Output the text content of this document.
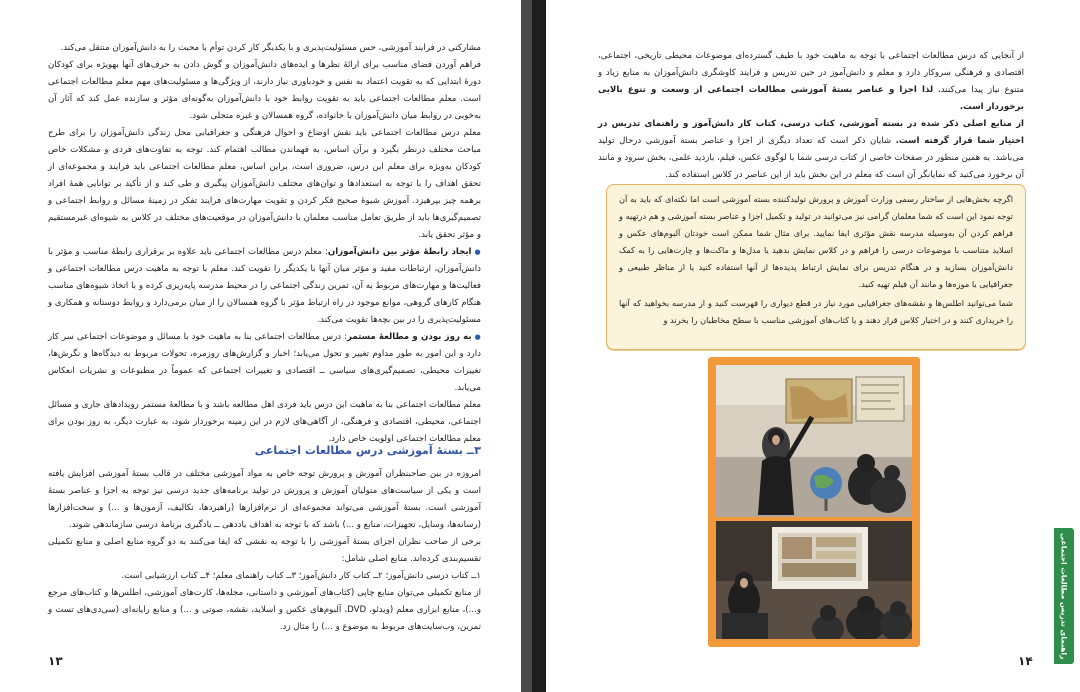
مشارکتی در فرایند آموزشی، حس مسئولیت‌پذیری و با یکدیگر کار کردن توأم با محبت را به دانش‌آموزان منتقل می‌کند.

فراهم آوردن فضای مناسب برای ارائهٔ نظرها و ایده‌های دانش‌آموزان و گوش دادن به حرف‌های آنها بهویژه برای کودکان دورهٔ ابتدایی که به تقویت اعتماد به نفس و خودباوری نیاز دارند، از ویژگی‌ها و مسئولیت‌های مهم معلم مطالعات اجتماعی است. معلم مطالعات اجتماعی باید به تقویت روابط خود با دانش‌آموزان به‌گونه‌ای مؤثر و سازنده عمل کند که آثار آن به‌خوبی در روابط میان دانش‌آموزان با خانواده، گروه همسالان و غیره متجلی شود.

معلم درس مطالعات اجتماعی باید نقش اوضاع و احوال فرهنگی و جغرافیایی محل زندگی دانش‌آموزان را برای طرح مباحث مختلف درنظر بگیرد و برآن اساس، به فهماندن مطالب اهتمام کند. توجه به تفاوت‌های فردی و مشکلات خاص کودکان به‌ویژه برای معلم این درس، ضروری است، براین اساس، معلم مطالعات اجتماعی باید فرایند و مجموعه‌ای از تحقق اهداف را با توجه به استعدادها و توان‌های مختلف دانش‌آموزان پیگیری و طی کند و از تأکید بر توانایی همهٔ افراد برهمه چیز بپرهیزد. آموزش شیوهٔ صحیح فکر کردن و تقویت مهارت‌های فرایند تفکر در زمینهٔ مسائل و روابط اجتماعی و تصمیم‌گیری‌ها باید از طریق تعامل مناسب معلمان با دانش‌آموزان در موقعیت‌های مختلف در کلاس به شیوه‌ای غیرمستقیم و مؤثر تحقق یابد.

● ایجاد رابطهٔ مؤثر بین دانش‌آموزان: معلم درس مطالعات اجتماعی باید علاوه بر برقراری رابطهٔ مناسب و مؤثر با دانش‌آموزان، ارتباطات مفید و مؤثر میان آنها با یکدیگر را تقویت کند. معلم با توجه به ماهیت درس مطالعات اجتماعی و فعالیت‌ها و مهارت‌های مربوط به آن، تمرین زندگی اجتماعی را در محیط مدرسه پایه‌ریزی کرده و با اتخاذ شیوه‌های مناسب هنگام کارهای گروهی، موانع موجود در راه ارتباط مؤثر با گروه همسالان را از میان برمی‌دارد و روابط دوستانه و همکاری و مسئولیت‌پذیری را در بین بچه‌ها تقویت می‌کند.

● به روز بودن و مطالعهٔ مستمر: درس مطالعات اجتماعی بنا به ماهیت خود با مسائل و موضوعات اجتماعی سر کار دارد و این امور به طور مداوم تغییر و تحول می‌یابد؛ اخبار و گزارش‌های روزمره، تحولات مربوط به دیدگاه‌ها و نگرش‌ها، تغییرات محیطی، تصمیم‌گیری‌های سیاسی ــ اقتصادی و تغییرات اجتماعی که عموماً در مطبوعات و نشریات انعکاس می‌یابد.

معلم مطالعات اجتماعی بنا به ماهیت این درس باید فردی اهل مطالعه باشد و با مطالعهٔ مستمر رویدادهای جاری و مسائل اجتماعی، محیطی، اقتصادی و فرهنگی، از آگاهی‌های لازم در این زمینه برخوردار شود، به عبارت دیگر، به روز بودن برای معلم مطالعات اجتماعی اولویت خاص دارد.

۳ــ بستهٔ آموزشی درس مطالعات اجتماعی

امروزه در بین صاحبنظران آموزش و پرورش توجه خاص به مواد آموزشی مختلف در قالب بستهٔ آموزشی افزایش یافته است و یکی از سیاست‌های متولیان آموزش و پرورش در تولید برنامه‌های جدید درسی نیز توجه به اجزا و عناصر بستهٔ آموزشی است. بستهٔ آموزشی می‌تواند مجموعه‌ای از نرم‌افزارها (راهبردها، تکالیف، آزمون‌ها و ...) و سخت‌افزارها (رسانه‌ها، وسایل، تجهیزات، منابع و ...) باشد که با توجه به اهداف یاددهی ــ یادگیری برنامهٔ درسی سازماندهی شوند.

برخی از صاحب نظران اجزای بستهٔ آموزشی را با توجه به نقشی که ایفا می‌کنند به دو گروه منابع اصلی و منابع تکمیلی تقسیم‌بندی کرده‌اند. منابع اصلی شامل:

۱ــ کتاب درسی دانش‌آموز؛ ۲ــ کتاب کار دانش‌آموز؛ ۳ــ کتاب راهنمای معلم؛ ۴ــ کتاب ارزشیابی است.

از منابع تکمیلی می‌توان منابع چاپی (کتاب‌های آموزشی و داستانی، مجله‌ها، کارت‌های آموزشی، اطلس‌ها و کتاب‌های مرجع و...)، منابع ابزاری معلم (ویدئو، DVD، آلبوم‌های عکس و اسلاید، نقشه، صوتی و ...) و منابع رایانه‌ای (سی‌دی‌های تست و تمرین، وب‌سایت‌های مربوط به موضوع و ...) را مثال زد.

۱۳

از آنجایی که درس مطالعات اجتماعی با توجه به ماهیت خود با طیف گسترده‌ای موضوعات محیطی تاریخی، اجتماعی، اقتصادی و فرهنگی سروکار دارد و معلم و دانش‌آموز در حین تدریس و فرایند کاوشگری دانش‌آموزان به منابع زیاد و متنوع نیاز پیدا می‌کنند، لذا اجزا و عناصر بستهٔ آموزشی مطالعات اجتماعی از وسعت و تنوع بالایی برخوردار است.

از منابع اصلی ذکر شده در بسته آموزشی، کتاب درسی، کتاب کار دانش‌آموز و راهنمای تدریس در اختیار شما قرار گرفته است. شایان ذکر است که تعداد دیگری از اجزا و عناصر بسته آموزشی درحال تولید می‌باشد. به همین منظور در صفحات خاصی از کتاب درسی شما با لوگوی عکس، فیلم، بازدید علمی، بخش سرود و مانند آن برخورد می‌کنید که نمایانگر آن است که معلم در این بخش باید از این عناصر در کلاس استفاده کند.

اگرچه بخش‌هایی از ساختار رسمی وزارت آموزش و پرورش تولیدکننده بسته آموزشی است اما نکته‌ای که باید به آن توجه نمود این است که شما معلمان گرامی نیز می‌توانید در تولید و تکمیل اجزا و عناصر بسته آموزشی و هم درتهیه و فراهم کردن آن به‌وسیله مدرسه نقش مؤثری ایفا نمایید. برای مثال شما ممکن است خودتان آلبوم‌های عکس و اسلاید متناسب با موضوعات درسی را فراهم و در کلاس نمایش بدهید یا مدل‌ها و ماکت‌ها و چارت‌هایی را به کمک دانش‌آموزان بسازید و در هنگام تدریس برای نمایش ارتباط پدیده‌ها از آنها استفاده کنید یا از مناظر طبیعی و جغرافیایی یا موزه‌ها و مانند آن فیلم تهیه کنید.

شما می‌توانید اطلس‌ها و نقشه‌های جغرافیایی مورد نیاز در قطع دیواری را فهرست کنید و از مدرسه بخواهید که آنها را خریداری کنند و در اختیار کلاس قرار دهند و یا کتاب‌های آموزشی مناسب با سطح مخاطبان را بخرند و

راهنمای تدریس مطالعات اجتماعی
۱۴
